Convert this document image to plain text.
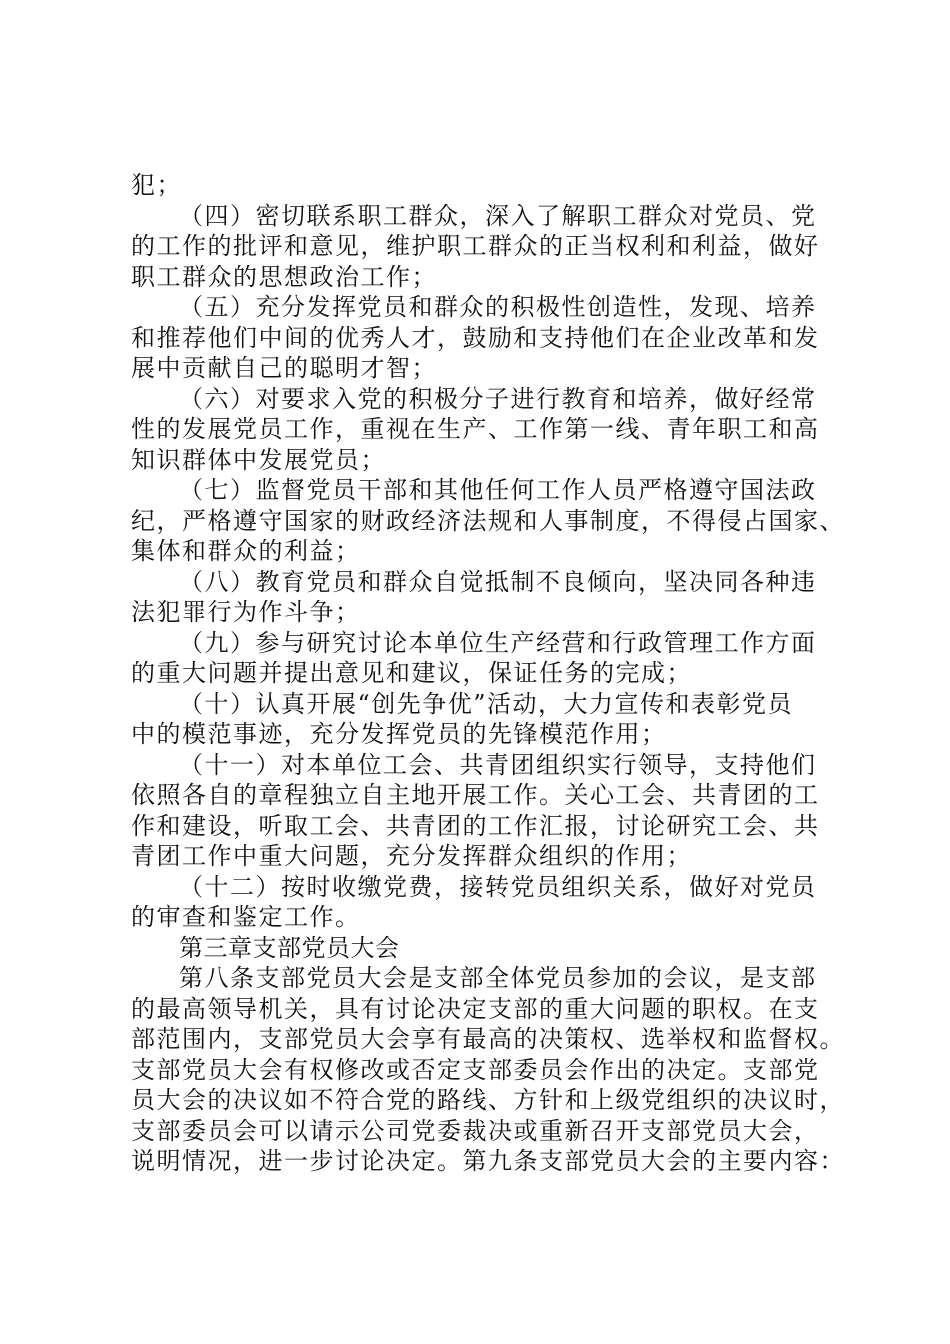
犯；
（四）密切联系职工群众，深入了解职工群众对党员、党
的工作的批评和意见，维护职工群众的正当权利和利益，做好
职工群众的思想政治工作；
（五）充分发挥党员和群众的积极性创造性，发现、培养
和推荐他们中间的优秀人才，鼓励和支持他们在企业改革和发
展中贡献自己的聪明才智；
（六）对要求入党的积极分子进行教育和培养，做好经常
性的发展党员工作，重视在生产、工作第一线、青年职工和高
知识群体中发展党员；
（七）监督党员干部和其他任何工作人员严格遵守国法政
纪，严格遵守国家的财政经济法规和人事制度，不得侵占国家、
集体和群众的利益；
（八）教育党员和群众自觉抵制不良倾向，坚决同各种违
法犯罪行为作斗争；
（九）参与研究讨论本单位生产经营和行政管理工作方面
的重大问题并提出意见和建议，保证任务的完成；
（十）认真开展“创先争优”活动，大力宣传和表彰党员
中的模范事迹，充分发挥党员的先锋模范作用；
（十一）对本单位工会、共青团组织实行领导，支持他们
依照各自的章程独立自主地开展工作。关心工会、共青团的工
作和建设，听取工会、共青团的工作汇报，讨论研究工会、共
青团工作中重大问题，充分发挥群众组织的作用；
（十二）按时收缴党费，接转党员组织关系，做好对党员
的审查和鉴定工作。
第三章支部党员大会
第八条支部党员大会是支部全体党员参加的会议，是支部
的最高领导机关，具有讨论决定支部的重大问题的职权。在支
部范围内，支部党员大会享有最高的决策权、选举权和监督权。
支部党员大会有权修改或否定支部委员会作出的决定。支部党
员大会的决议如不符合党的路线、方针和上级党组织的决议时，
支部委员会可以请示公司党委裁决或重新召开支部党员大会，
说明情况，进一步讨论决定。第九条支部党员大会的主要内容：
